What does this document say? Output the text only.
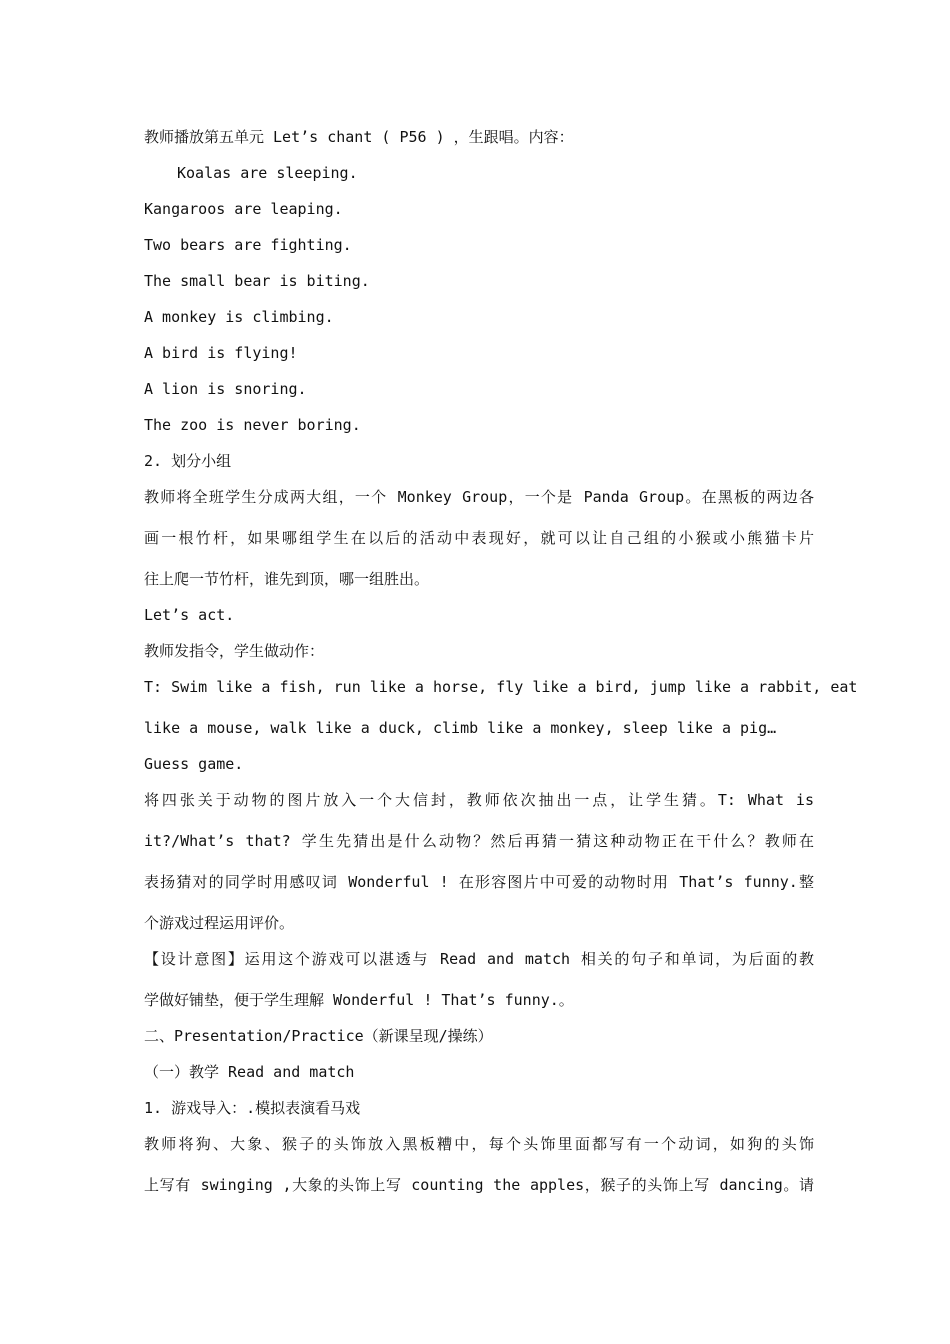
教师播放第五单元 Let’s chant ( P56 ) ，生跟唱。内容：
Koalas are sleeping.
Kangaroos are leaping.
Two bears are fighting.
The small bear is biting.
A monkey is climbing.
A bird is flying!
A lion is snoring.
The zoo is never boring.
2. 划分小组
教师将全班学生分成两大组，一个 Monkey Group，一个是 Panda Group。在黑板的两边各
画一根竹杆，如果哪组学生在以后的活动中表现好，就可以让自己组的小猴或小熊猫卡片
往上爬一节竹杆，谁先到顶，哪一组胜出。
Let’s act.
教师发指令，学生做动作：
T: Swim like a fish, run like a horse, fly like a bird, jump like a rabbit, eat
like a mouse, walk like a duck, climb like a monkey, sleep like a pig…
Guess game.
将四张关于动物的图片放入一个大信封，教师依次抽出一点，让学生猜。T: What is
it?/What’s that? 学生先猜出是什么动物？然后再猜一猜这种动物正在干什么？教师在
表扬猜对的同学时用感叹词 Wonderful ! 在形容图片中可爱的动物时用 That’s funny.整
个游戏过程运用评价。
【设计意图】运用这个游戏可以湛透与 Read and match 相关的句子和单词，为后面的教
学做好铺垫，便于学生理解 Wonderful ! That’s funny.。
二、Presentation/Practice（新课呈现/操练）
（一）教学 Read and match
1. 游戏导入：.模拟表演看马戏
教师将狗、大象、猴子的头饰放入黑板糟中，每个头饰里面都写有一个动词，如狗的头饰
上写有 swinging ,大象的头饰上写 counting the apples，猴子的头饰上写 dancing。请
